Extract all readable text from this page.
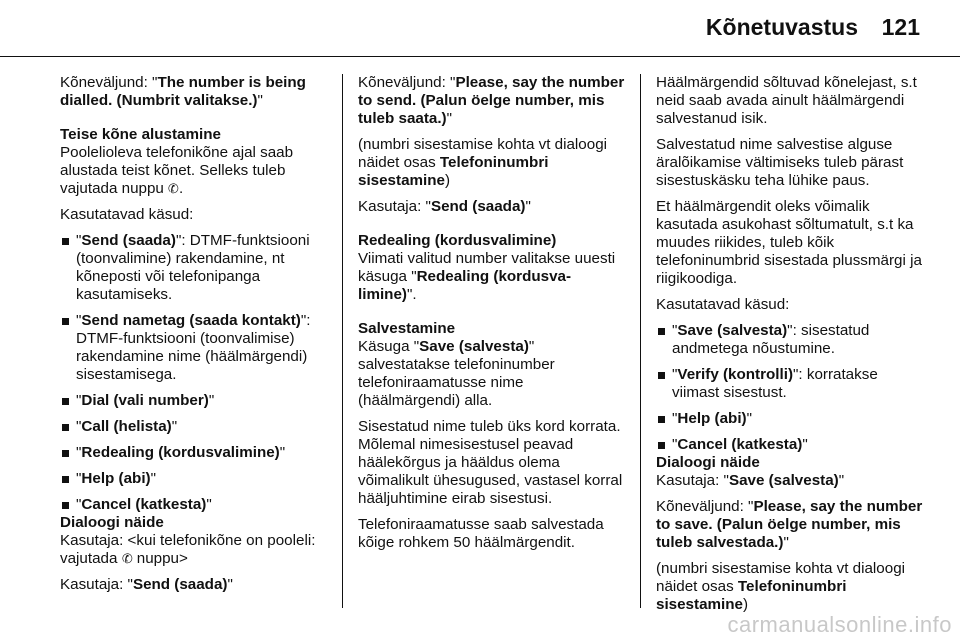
Kõnetuvastus 121

Kõneväljund: "The number is being dialled. (Numbrit valitakse.)"

Teise kõne alustamine

Poolelioleva telefonikõne ajal saab alustada teist kõnet. Selleks tuleb vajutada nuppu ✆.

Kasutatavad käsud:

"Send (saada)": DTMF-funktsiooni (toonvalimine) rakendamine, nt kõneposti või telefonipanga kasutamiseks.
"Send nametag (saada kontakt)": DTMF-funktsiooni (toonvalimise) rakendamine nime (häälmärgendi) sisestamisega.
"Dial (vali number)"
"Call (helista)"
"Redealing (kordusvalimine)"
"Help (abi)"
"Cancel (katkesta)"

Dialoogi näide

Kasutaja: <kui telefonikõne on pooleli: vajutada ✆ nuppu>

Kasutaja: "Send (saada)"

Kõneväljund: "Please, say the number to send. (Palun öelge number, mis tuleb saata.)"

(numbri sisestamise kohta vt dialoogi näidet osas Telefoninumbri sisestamine)

Kasutaja: "Send (saada)"

Redealing (kordusvalimine)

Viimati valitud number valitakse uuesti käsuga "Redealing (kordusva‐limine)".

Salvestamine

Käsuga "Save (salvesta)" salvestatakse telefoninumber telefoniraamatusse nime (häälmärgendi) alla.

Sisestatud nime tuleb üks kord korrata. Mõlemal nimesisestusel peavad häälekõrgus ja hääldus olema võimalikult ühesugused, vastasel korral hääljuhtimine eirab sisestusi.

Telefoniraamatusse saab salvestada kõige rohkem 50 häälmärgendit.

Häälmärgendid sõltuvad kõnelejast, s.t neid saab avada ainult häälmärgendi salvestanud isik.

Salvestatud nime salvestise alguse äralõikamise vältimiseks tuleb pärast sisestuskäsku teha lühike paus.

Et häälmärgendit oleks võimalik kasutada asukohast sõltumatult, s.t ka muudes riikides, tuleb kõik telefoninumbrid sisestada plussmärgi ja riigikoodiga.

Kasutatavad käsud:

"Save (salvesta)": sisestatud andmetega nõustumine.
"Verify (kontrolli)": korratakse viimast sisestust.
"Help (abi)"
"Cancel (katkesta)"

Dialoogi näide

Kasutaja: "Save (salvesta)"

Kõneväljund: "Please, say the number to save. (Palun öelge number, mis tuleb salvestada.)"

(numbri sisestamise kohta vt dialoogi näidet osas Telefoninumbri sisestamine)

carmanualsonline.info
